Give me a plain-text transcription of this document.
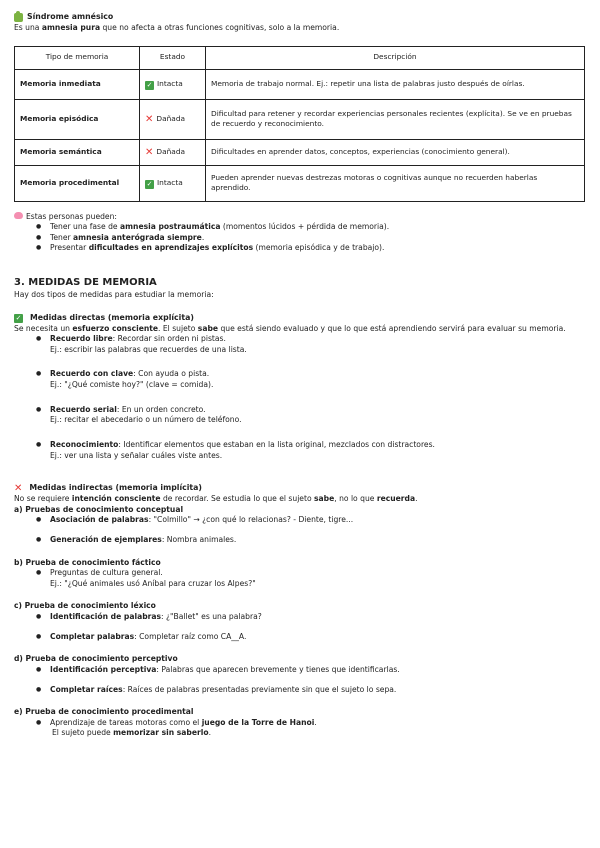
Síndrome amnésico

Es una amnesia pura que no afecta a otras funciones cognitivas, solo a la memoria.

Tipo de memoria	Estado	Descripción
Memoria inmediata	✓ Intacta	Memoria de trabajo normal. Ej.: repetir una lista de palabras justo después de oírlas.
Memoria episódica	✕ Dañada	Dificultad para retener y recordar experiencias personales recientes (explícita). Se ve en pruebas de recuerdo y reconocimiento.
Memoria semántica	✕ Dañada	Dificultades en aprender datos, conceptos, experiencias (conocimiento general).
Memoria procedimental	✓ Intacta	Pueden aprender nuevas destrezas motoras o cognitivas aunque no recuerden haberlas aprendido.

Estas personas pueden:

● Tener una fase de amnesia postraumática (momentos lúcidos + pérdida de memoria).
● Tener amnesia anterógrada siempre.
● Presentar dificultades en aprendizajes explícitos (memoria episódica y de trabajo).
3. MEDIDAS DE MEMORIA

Hay dos tipos de medidas para estudiar la memoria:

✓ Medidas directas (memoria explícita)

Se necesita un esfuerzo consciente. El sujeto sabe que está siendo evaluado y que lo que está aprendiendo servirá para evaluar su memoria.

● Recuerdo libre: Recordar sin orden ni pistas.
Ej.: escribir las palabras que recuerdes de una lista.
● Recuerdo con clave: Con ayuda o pista.
Ej.: "¿Qué comiste hoy?" (clave = comida).
● Recuerdo serial: En un orden concreto.
Ej.: recitar el abecedario o un número de teléfono.
● Reconocimiento: Identificar elementos que estaban en la lista original, mezclados con distractores.
Ej.: ver una lista y señalar cuáles viste antes.
✕ Medidas indirectas (memoria implícita)

No se requiere intención consciente de recordar. Se estudia lo que el sujeto sabe, no lo que recuerda.

a) Pruebas de conocimiento conceptual

● Asociación de palabras: "Colmillo" → ¿con qué lo relacionas? - Diente, tigre...
● Generación de ejemplares: Nombra animales.

b) Prueba de conocimiento fáctico

● Preguntas de cultura general.
Ej.: "¿Qué animales usó Aníbal para cruzar los Alpes?"

c) Prueba de conocimiento léxico

● Identificación de palabras: ¿"Ballet" es una palabra?
● Completar palabras: Completar raíz como CA__A.

d) Prueba de conocimiento perceptivo

● Identificación perceptiva: Palabras que aparecen brevemente y tienes que identificarlas.
● Completar raíces: Raíces de palabras presentadas previamente sin que el sujeto lo sepa.

e) Prueba de conocimiento procedimental

● Aprendizaje de tareas motoras como el juego de la Torre de Hanoi.

El sujeto puede memorizar sin saberlo.
